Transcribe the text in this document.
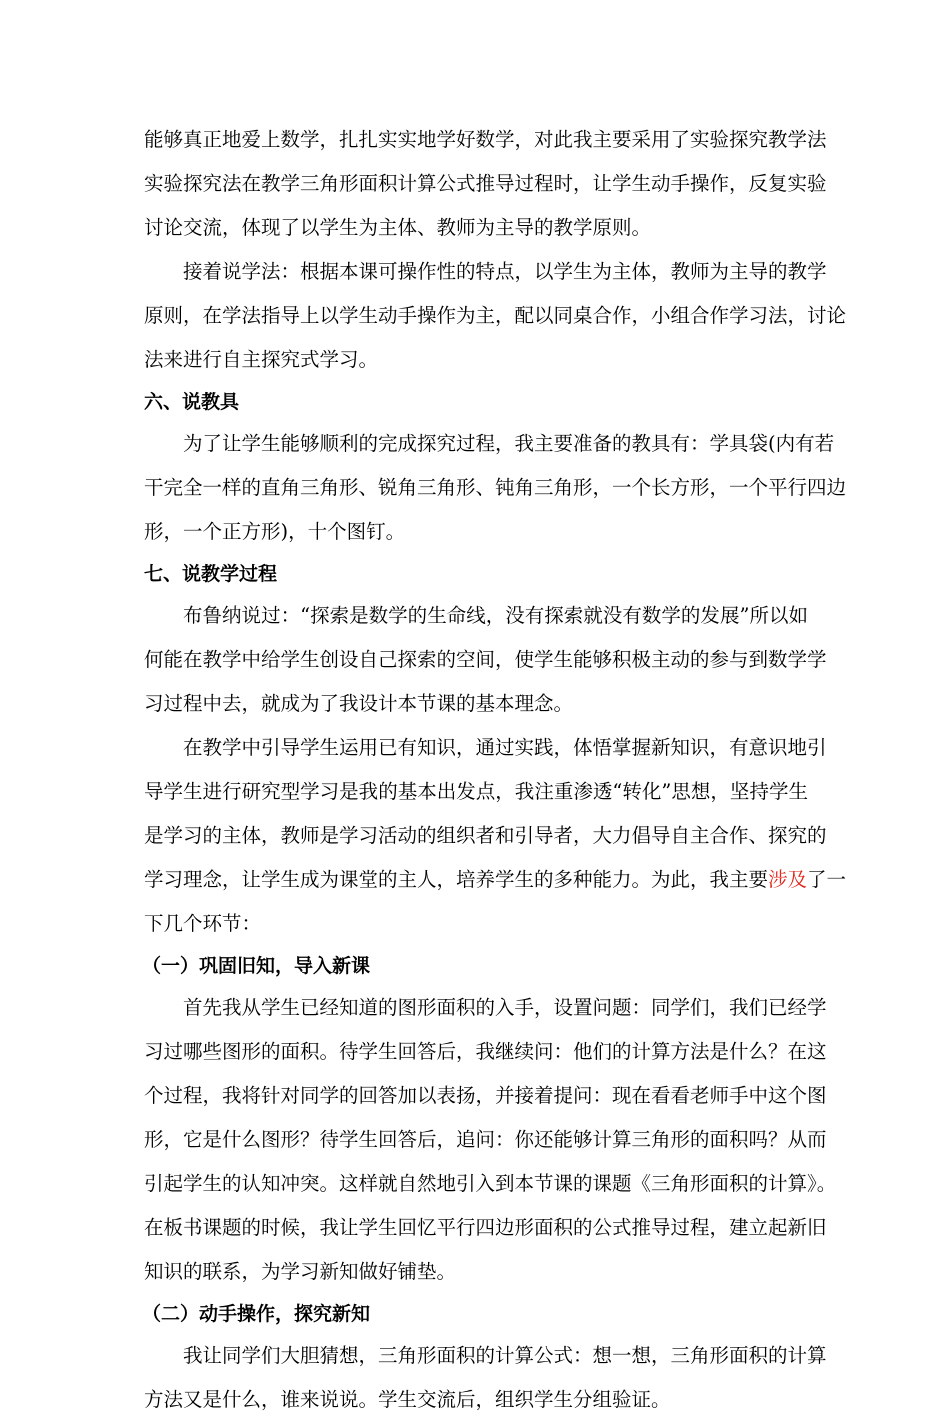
能够真正地爱上数学，扎扎实实地学好数学，对此我主要采用了实验探究教学法
实验探究法在教学三角形面积计算公式推导过程时，让学生动手操作，反复实验
讨论交流，体现了以学生为主体、教师为主导的教学原则。
接着说学法：根据本课可操作性的特点，以学生为主体，教师为主导的教学
原则，在学法指导上以学生动手操作为主，配以同桌合作，小组合作学习法，讨论
法来进行自主探究式学习。
六、说教具
为了让学生能够顺利的完成探究过程，我主要准备的教具有：学具袋(内有若
干完全一样的直角三角形、锐角三角形、钝角三角形，一个长方形，一个平行四边
形，一个正方形)，十个图钉。
七、说教学过程
布鲁纳说过：“探索是数学的生命线，没有探索就没有数学的发展”所以如
何能在教学中给学生创设自己探索的空间，使学生能够积极主动的参与到数学学
习过程中去，就成为了我设计本节课的基本理念。
在教学中引导学生运用已有知识，通过实践，体悟掌握新知识，有意识地引
导学生进行研究型学习是我的基本出发点，我注重渗透“转化”思想，坚持学生
是学习的主体，教师是学习活动的组织者和引导者，大力倡导自主合作、探究的
学习理念，让学生成为课堂的主人，培养学生的多种能力。为此，我主要涉及了一
下几个环节：
（一）巩固旧知，导入新课
首先我从学生已经知道的图形面积的入手，设置问题：同学们，我们已经学
习过哪些图形的面积。待学生回答后，我继续问：他们的计算方法是什么？在这
个过程，我将针对同学的回答加以表扬，并接着提问：现在看看老师手中这个图
形，它是什么图形？待学生回答后，追问：你还能够计算三角形的面积吗？从而
引起学生的认知冲突。这样就自然地引入到本节课的课题《三角形面积的计算》。
在板书课题的时候，我让学生回忆平行四边形面积的公式推导过程，建立起新旧
知识的联系，为学习新知做好铺垫。
（二）动手操作，探究新知
我让同学们大胆猜想，三角形面积的计算公式：想一想，三角形面积的计算
方法又是什么，谁来说说。学生交流后，组织学生分组验证。
